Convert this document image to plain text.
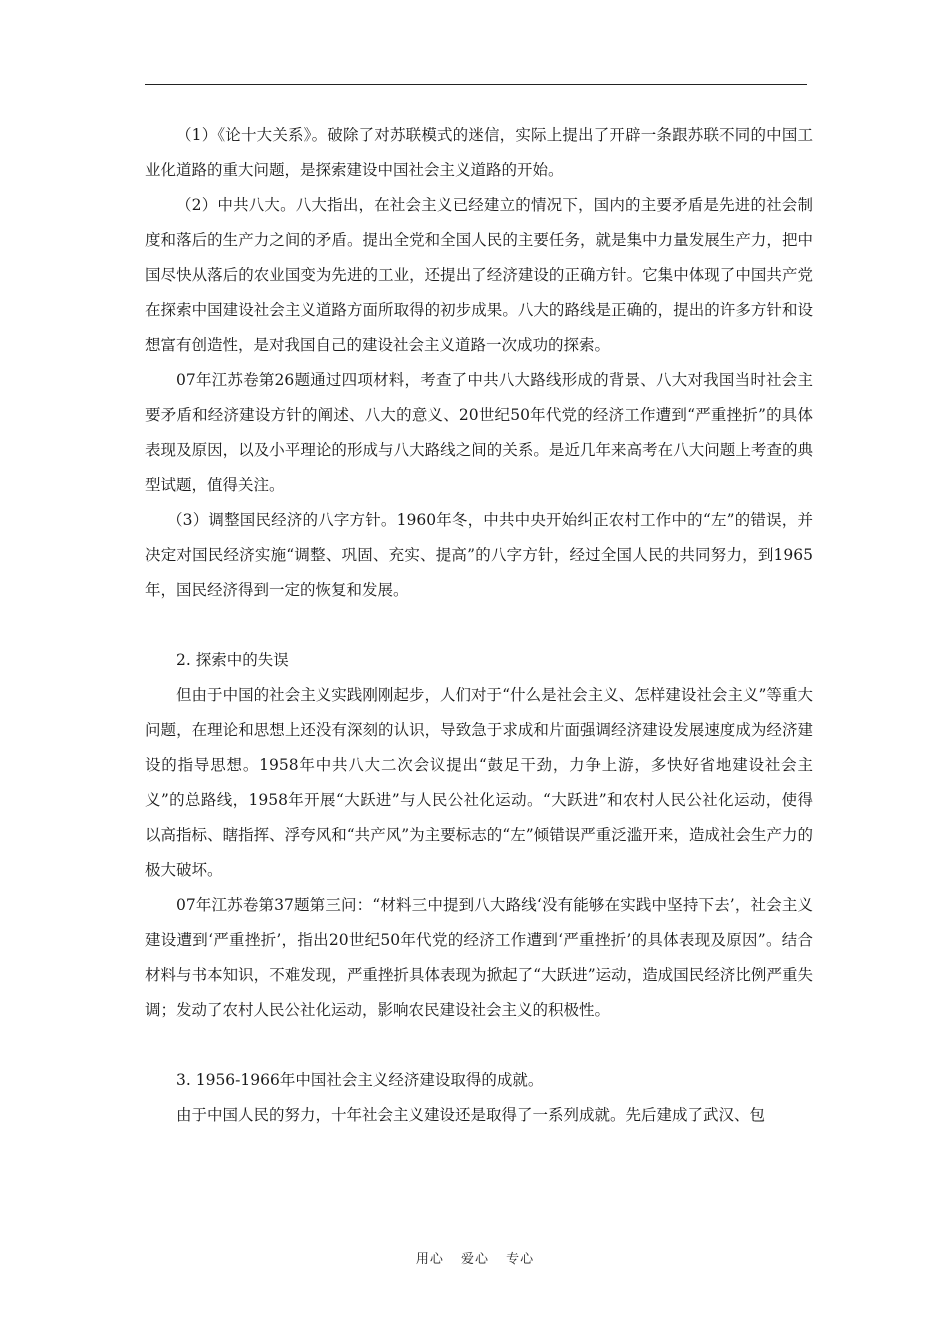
（1）《论十大关系》。破除了对苏联模式的迷信，实际上提出了开辟一条跟苏联不同的中国工业化道路的重大问题，是探索建设中国社会主义道路的开始。

（2）中共八大。八大指出，在社会主义已经建立的情况下，国内的主要矛盾是先进的社会制度和落后的生产力之间的矛盾。提出全党和全国人民的主要任务，就是集中力量发展生产力，把中国尽快从落后的农业国变为先进的工业，还提出了经济建设的正确方针。它集中体现了中国共产党在探索中国建设社会主义道路方面所取得的初步成果。八大的路线是正确的，提出的许多方针和设想富有创造性，是对我国自己的建设社会主义道路一次成功的探索。

07年江苏卷第26题通过四项材料，考查了中共八大路线形成的背景、八大对我国当时社会主要矛盾和经济建设方针的阐述、八大的意义、20世纪50年代党的经济工作遭到“严重挫折”的具体表现及原因，以及小平理论的形成与八大路线之间的关系。是近几年来高考在八大问题上考查的典型试题，值得关注。

（3）调整国民经济的八字方针。1960年冬，中共中央开始纠正农村工作中的“左”的错误，并决定对国民经济实施“调整、巩固、充实、提高”的八字方针，经过全国人民的共同努力，到1965年，国民经济得到一定的恢复和发展。

2. 探索中的失误

但由于中国的社会主义实践刚刚起步，人们对于“什么是社会主义、怎样建设社会主义”等重大问题，在理论和思想上还没有深刻的认识，导致急于求成和片面强调经济建设发展速度成为经济建设的指导思想。1958年中共八大二次会议提出“鼓足干劲，力争上游，多快好省地建设社会主义”的总路线，1958年开展“大跃进”与人民公社化运动。“大跃进”和农村人民公社化运动，使得以高指标、瞎指挥、浮夸风和“共产风”为主要标志的“左”倾错误严重泛滥开来，造成社会生产力的极大破坏。

07年江苏卷第37题第三问：“材料三中提到八大路线‘没有能够在实践中坚持下去’，社会主义建设遭到‘严重挫折’，指出20世纪50年代党的经济工作遭到‘严重挫折’的具体表现及原因”。结合材料与书本知识，不难发现，严重挫折具体表现为掀起了“大跃进”运动，造成国民经济比例严重失调；发动了农村人民公社化运动，影响农民建设社会主义的积极性。

3. 1956-1966年中国社会主义经济建设取得的成就。

由于中国人民的努力，十年社会主义建设还是取得了一系列成就。先后建成了武汉、包

用心 爱心 专心
